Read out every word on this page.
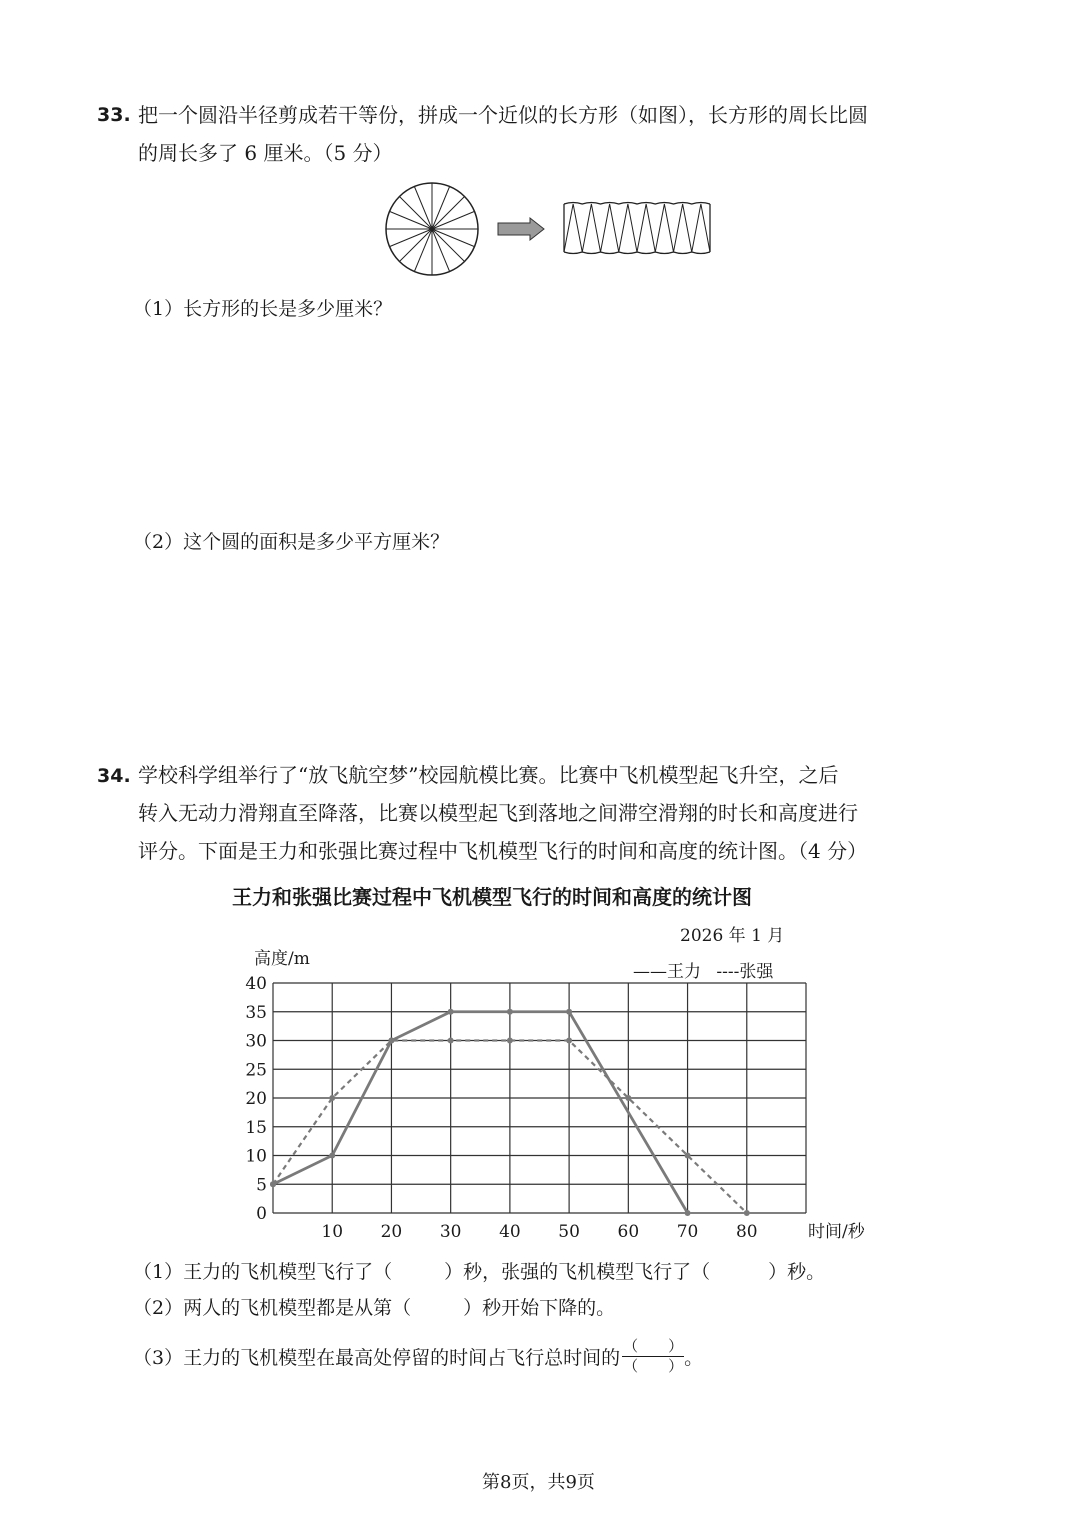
33. 把一个圆沿半径剪成若干等份，拼成一个近似的长方形（如图），长方形的周长比圆
的周长多了 6 厘米。（5 分）
（1）长方形的长是多少厘米？
（2）这个圆的面积是多少平方厘米？
34. 学校科学组举行了“放飞航空梦”校园航模比赛。比赛中飞机模型起飞升空，之后
转入无动力滑翔直至降落，比赛以模型起飞到落地之间滞空滑翔的时长和高度进行
评分。下面是王力和张强比赛过程中飞机模型飞行的时间和高度的统计图。（4 分）
王力和张强比赛过程中飞机模型飞行的时间和高度的统计图
2026 年 1 月
高度/m
——王力 ----张强
0
5
10
15
20
25
30
35
40
10 20 30 40 50 60 70 80	时间/秒
（1）王力的飞机模型飞行了（	）秒，张强的飞机模型飞行了（	）秒。
（2）两人的飞机模型都是从第（	）秒开始下降的。
（3）王力的飞机模型在最高处停留的时间占飞行总时间的 $\frac{( )}{( )}$。
第8页，共9页
